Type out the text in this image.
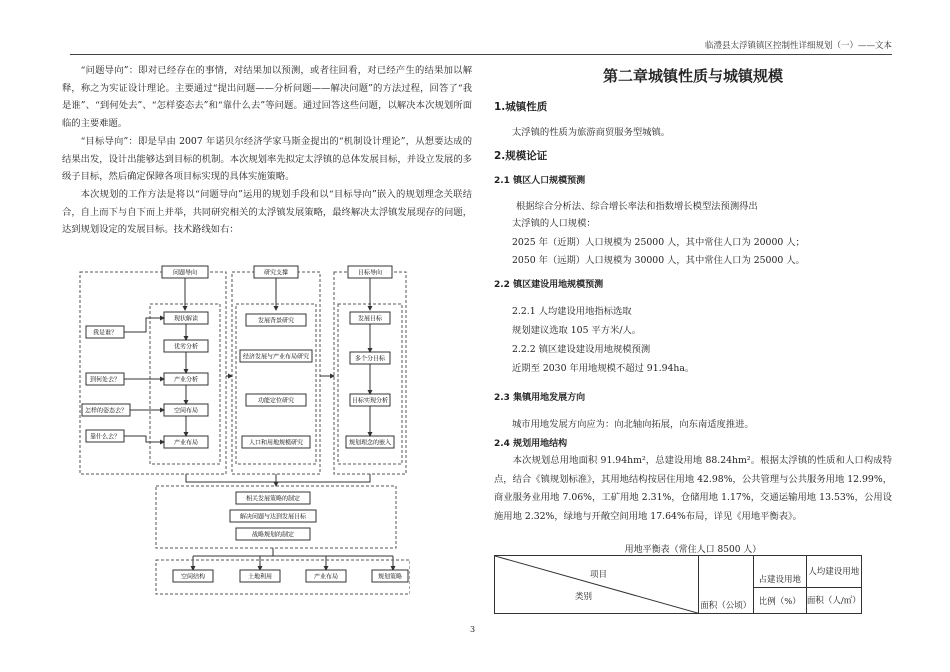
临澧县太浮镇镇区控制性详细规划（一）——文本

“问题导向”：即对已经存在的事情，对结果加以预测，或者往回看，对已经产生的结果加以解释，称之为实证设计理论。主要通过“提出问题——分析问题——解决问题”的方法过程，回答了“我是谁”、“到何处去”、“怎样姿态去”和“靠什么去”等问题。通过回答这些问题，以解决本次规划所面临的主要难题。

“目标导向”：即是早由 2007 年诺贝尔经济学家马斯金提出的“机制设计理论”，从想要达成的结果出发，设计出能够达到目标的机制。本次规划率先拟定太浮镇的总体发展目标，并设立发展的多级子目标，然后确定保障各项目标实现的具体实施策略。

本次规划的工作方法是将以“问题导向”运用的规划手段和以“目标导向”嵌入的规划理念关联结合，自上而下与自下而上并举，共同研究相关的太浮镇发展策略，最终解决太浮镇发展现存的问题，达到规划设定的发展目标。技术路线如右：

问题导向	研究支撑	目标导向
现状解读
优劣分析
产业分析
空间布局
产业布局
我是谁？
到何处去？
怎样的姿态去？
靠什么去？
发展背景研究
经济发展与产业布局研究
功能定位研究
人口和用地规模研究
发展目标
多个分目标
目标实现分析
规划理念的嵌入
相关发展策略的制定
解决问题与达到发展目标
战略规划的制定
空间结构	土地利用	产业布局	规划策略
第二章城镇性质与城镇规模
1.城镇性质
太浮镇的性质为旅游商贸服务型城镇。
2.规模论证
2.1 镇区人口规模预测
根据综合分析法、综合增长率法和指数增长模型法预测得出
太浮镇的人口规模：
2025 年（近期）人口规模为 25000 人，其中常住人口为 20000 人；
2050 年（远期）人口规模为 30000 人，其中常住人口为 25000 人。
2.2 镇区建设用地规模预测
2.2.1 人均建设用地指标选取
规划建议选取 105 平方米/人。
2.2.2 镇区建设建设用地规模预测
近期至 2030 年用地规模不超过 91.94ha。
2.3 集镇用地发展方向
城市用地发展方向应为：向北轴向拓展，向东南适度推进。
2.4 规划用地结构
本次规划总用地面积 91.94hm²，总建设用地 88.24hm²。根据太浮镇的性质和人口构成特点，结合《镇规划标准》，其用地结构按居住用地 42.98%，公共管理与公共服务用地 12.99%，商业服务业用地 7.06%，工矿用地 2.31%，仓储用地 1.17%，交通运输用地 13.53%，公用设施用地 2.32%，绿地与开敞空间用地 17.64%布局，详见《用地平衡表》。
用地平衡表（常住人口 8500 人）
项目
类别	面积（公顷）	占建设用地	人均建设用地
		比例（%）	面积（人/㎡）
3
